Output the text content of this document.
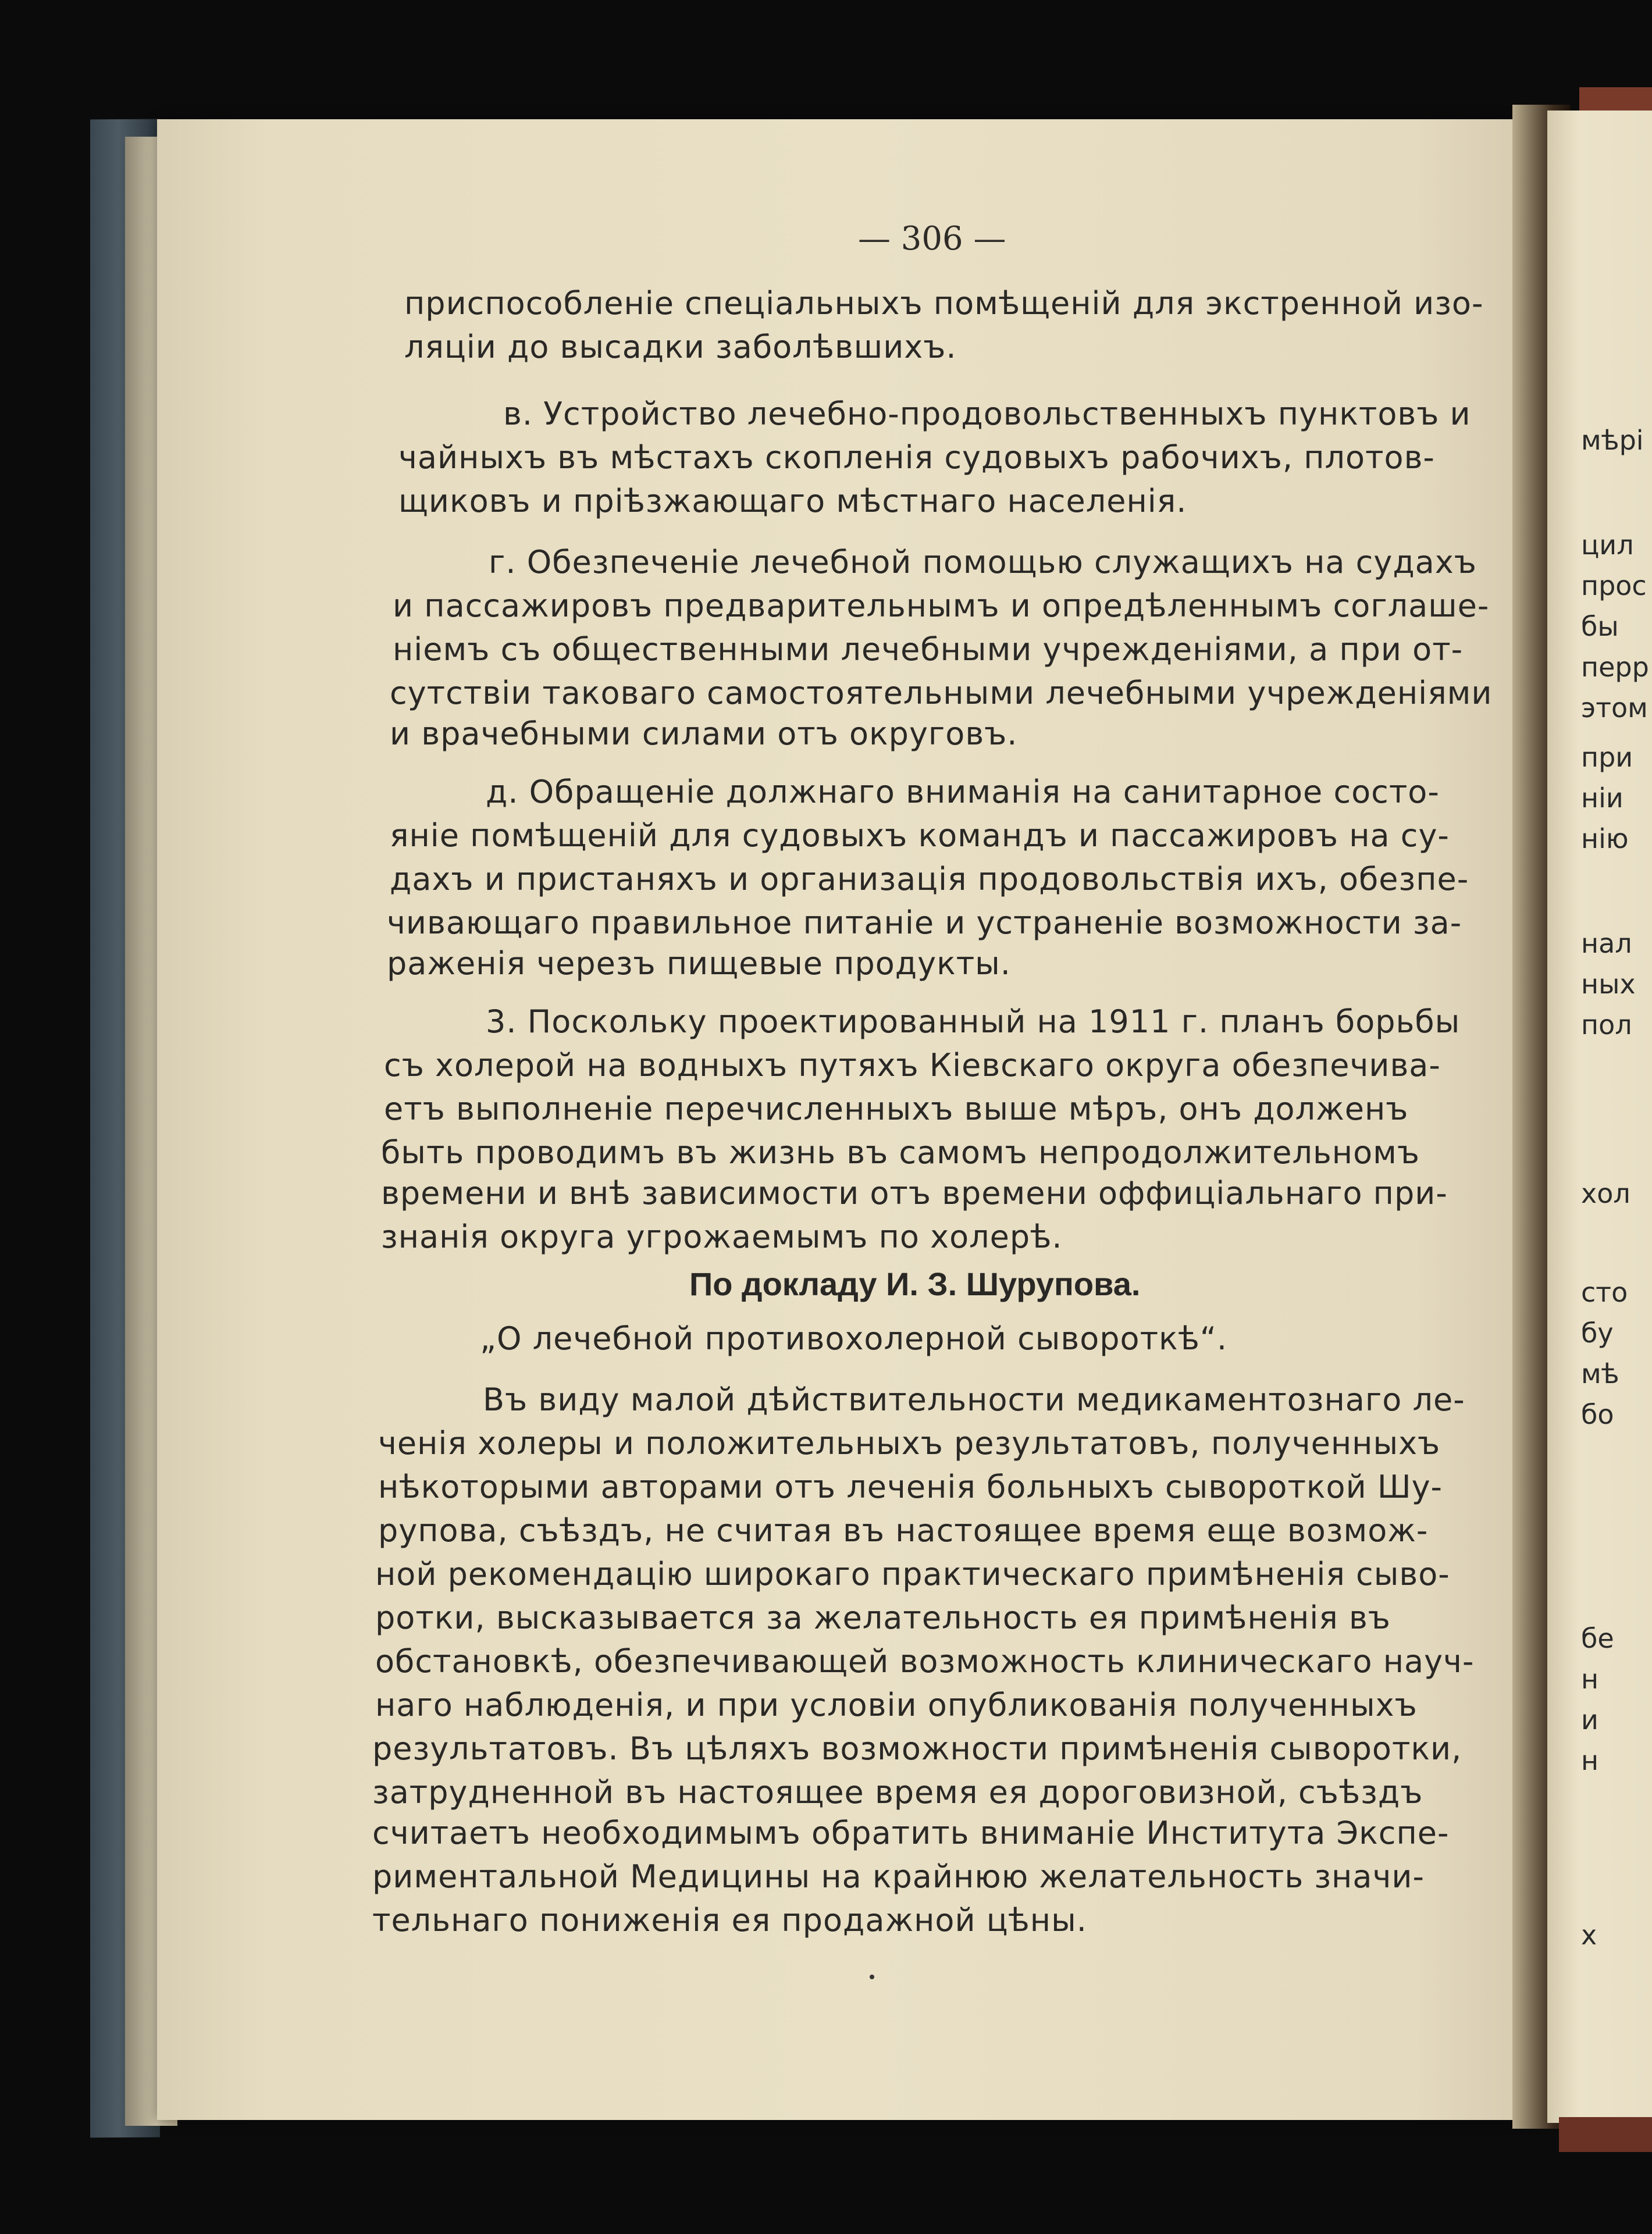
— 306 —
приспособленіе спеціальныхъ помѣщеній для экстренной изо-
ляціи до высадки заболѣвшихъ.
в. Устройство лечебно-продовольственныхъ пунктовъ и
чайныхъ въ мѣстахъ скопленія судовыхъ рабочихъ, плотов-
щиковъ и пріѣзжающаго мѣстнаго населенія.
г. Обезпеченіе лечебной помощью служащихъ на судахъ
и пассажировъ предварительнымъ и опредѣленнымъ соглаше-
ніемъ съ общественными лечебными учрежденіями, а при от-
сутствіи таковаго самостоятельными лечебными учрежденіями
и врачебными силами отъ округовъ.
д. Обращеніе должнаго вниманія на санитарное состо-
яніе помѣщеній для судовыхъ командъ и пассажировъ на су-
дахъ и пристаняхъ и организація продовольствія ихъ, обезпе-
чивающаго правильное питаніе и устраненіе возможности за-
раженія черезъ пищевые продукты.
3. Поскольку проектированный на 1911 г. планъ борьбы
съ холерой на водныхъ путяхъ Кіевскаго округа обезпечива-
етъ выполненіе перечисленныхъ выше мѣръ, онъ долженъ
быть проводимъ въ жизнь въ самомъ непродолжительномъ
времени и внѣ зависимости отъ времени оффиціальнаго при-
знанія округа угрожаемымъ по холерѣ.
По докладу И. З. Шурупова.
„О лечебной противохолерной сывороткѣ“.
Въ виду малой дѣйствительности медикаментознаго ле-
ченія холеры и положительныхъ результатовъ, полученныхъ
нѣкоторыми авторами отъ леченія больныхъ сывороткой Шу-
рупова, съѣздъ, не считая въ настоящее время еще возмож-
ной рекомендацію широкаго практическаго примѣненія сыво-
ротки, высказывается за желательность ея примѣненія въ
обстановкѣ, обезпечивающей возможность клиническаго науч-
наго наблюденія, и при условіи опубликованія полученныхъ
результатовъ. Въ цѣляхъ возможности примѣненія сыворотки,
затрудненной въ настоящее время ея дороговизной, съѣздъ
считаетъ необходимымъ обратить вниманіе Института Экспе-
риментальной Медицины на крайнюю желательность значи-
тельнаго пониженія ея продажной цѣны.
мѣрі
цил
прос
бы
перр
этом
при
ніи
нію
нал
ных
пол
хол
сто
бу
мѣ
бо
бе
н
и
н
х
